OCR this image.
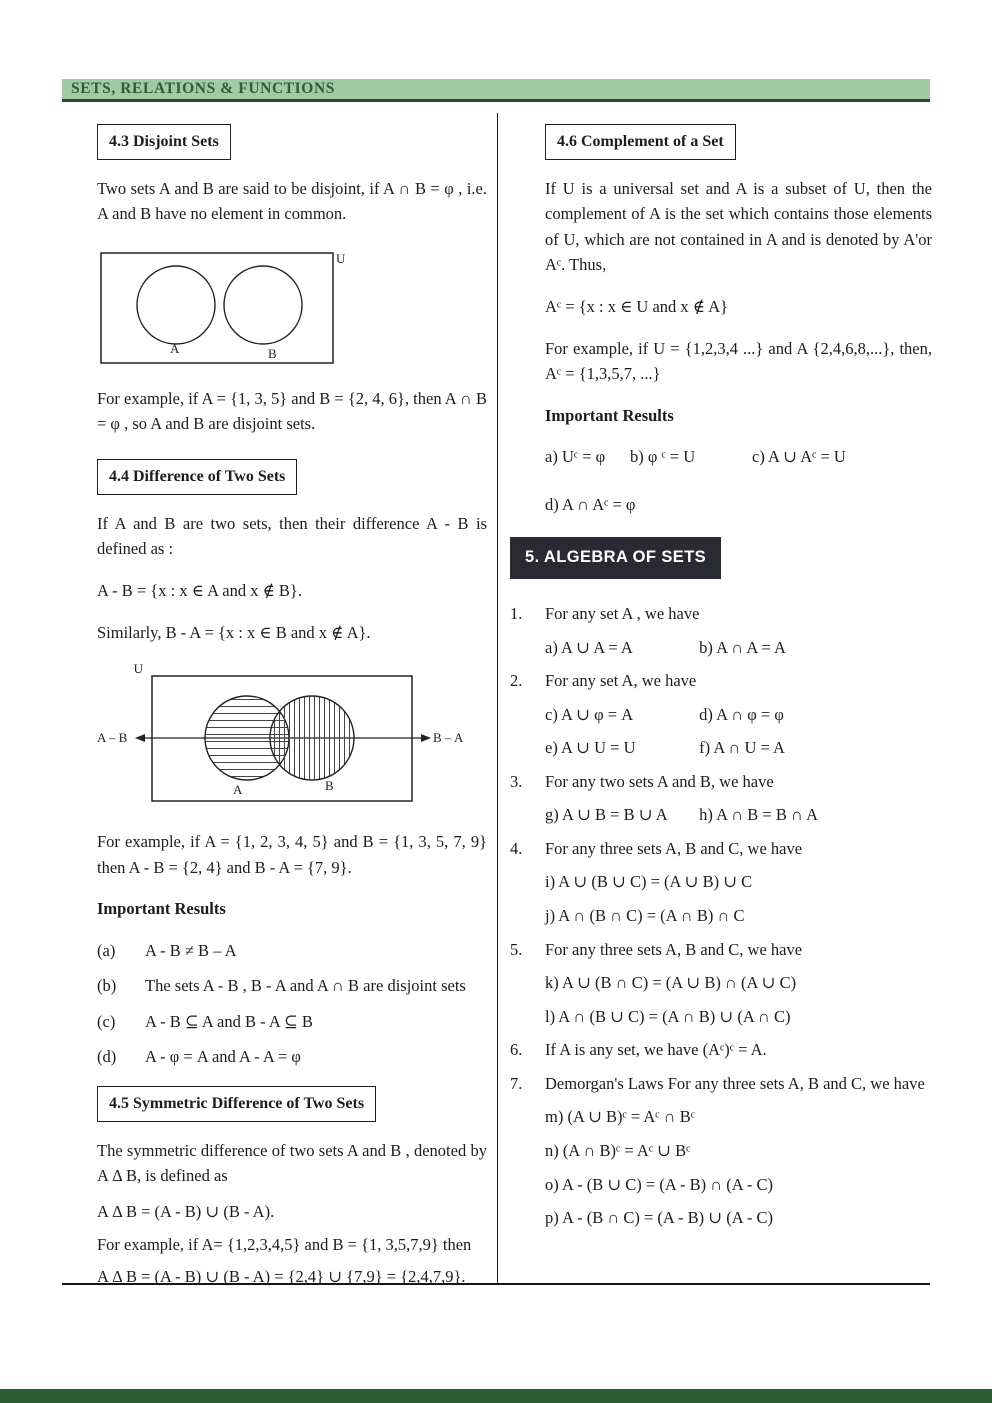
SETS, RELATIONS & FUNCTIONS
4.3 Disjoint Sets

Two sets A and B are said to be disjoint, if A ∩ B = φ , i.e. A and B have no element in common.

U
A	B

For example, if A = {1, 3, 5} and B = {2, 4, 6}, then A ∩ B = φ , so A and B are disjoint sets.

4.4 Difference of Two Sets

If A and B are two sets, then their difference A - B is defined as :

A - B = {x : x ∈ A and x ∉ B}.

Similarly, B - A = {x : x ∈ B and x ∉ A}.

U
A – B	B – A
A	B

For example, if A = {1, 2, 3, 4, 5} and B = {1, 3, 5, 7, 9} then A - B = {2, 4} and B - A = {7, 9}.

Important Results

(a)	A - B ≠ B – A
(b)	The sets A - B , B - A and A ∩ B are disjoint sets
(c)	A - B ⊆ A and B - A ⊆ B
(d)	A - φ = A and A - A = φ
4.5 Symmetric Difference of Two Sets

The symmetric difference of two sets A and B , denoted by A Δ B, is defined as

A Δ B = (A - B) ∪ (B - A).

For example, if A= {1,2,3,4,5} and B = {1, 3,5,7,9} then

A Δ B = (A - B) ∪ (B - A) = {2,4} ∪ {7,9} = {2,4,7,9}.

4.6 Complement of a Set

If U is a universal set and A is a subset of U, then the complement of A is the set which contains those elements of U, which are not contained in A and is denoted by A'or Aᶜ. Thus,

Aᶜ = {x : x ∈ U and x ∉ A}

For example, if U = {1,2,3,4 ...} and A {2,4,6,8,...}, then, Aᶜ = {1,3,5,7, ...}

Important Results

a) Uᶜ = φ	b) φ ᶜ = U	c) A ∪ Aᶜ = U

d) A ∩ Aᶜ = φ

5. ALGEBRA OF SETS
1.	For any set A , we have
a) A ∪ A = A	b) A ∩ A = A
2.	For any set A, we have
c) A ∪ φ = A	d) A ∩ φ = φ
e) A ∪ U = U	f) A ∩ U = A
3.	For any two sets A and B, we have
g) A ∪ B = B ∪ A h) A ∩ B = B ∩ A
4.	For any three sets A, B and C, we have
i) A ∪ (B ∪ C) = (A ∪ B) ∪ C
j) A ∩ (B ∩ C) = (A ∩ B) ∩ C
5.	For any three sets A, B and C, we have
k) A ∪ (B ∩ C) = (A ∪ B) ∩ (A ∪ C)
l) A ∩ (B ∪ C) = (A ∩ B) ∪ (A ∩ C)
6.	If A is any set, we have (Aᶜ)ᶜ = A.
7.	Demorgan's Laws For any three sets A, B and C, we have
m) (A ∪ B)ᶜ = Aᶜ ∩ Bᶜ
n) (A ∩ B)ᶜ = Aᶜ ∪ Bᶜ
o) A - (B ∪ C) = (A - B) ∩ (A - C)
p) A - (B ∩ C) = (A - B) ∪ (A - C)
